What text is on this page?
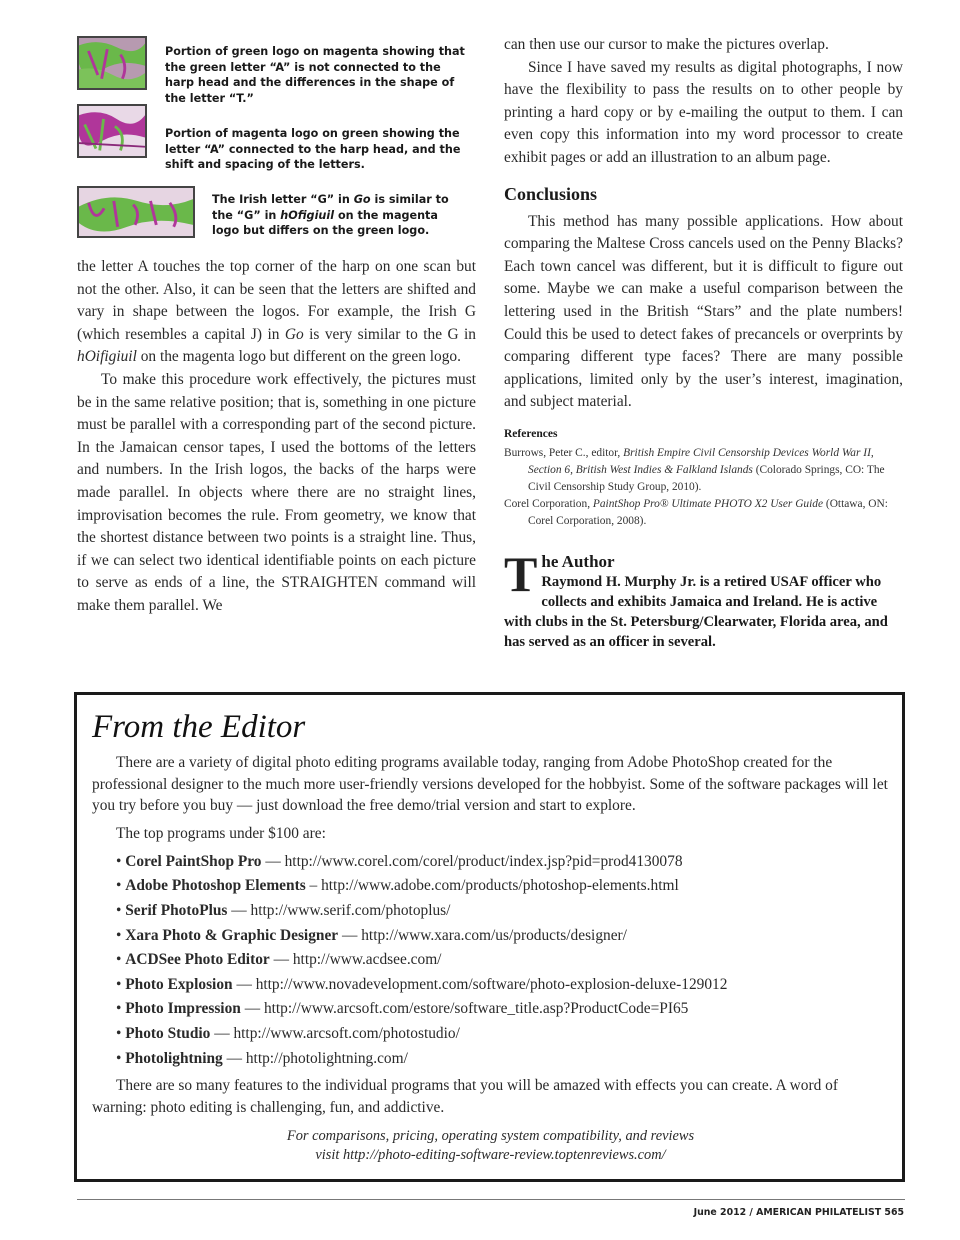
Portion of green logo on magenta showing that the green letter “A” is not connected to the harp head and the differences in the shape of the letter “T.”
Portion of magenta logo on green showing the letter “A” connected to the harp head, and the shift and spacing of the letters.
The Irish letter “G” in Go is similar to the “G” in hOfigiuil on the magenta logo but differs on the green logo.

the letter A touches the top corner of the harp on one scan but not the other. Also, it can be seen that the letters are shifted and vary in shape between the logos. For example, the Irish G (which resembles a capital J) in Go is very similar to the G in hOifigiuil on the magenta logo but different on the green logo.

To make this procedure work effectively, the pictures must be in the same relative position; that is, something in one picture must be parallel with a corresponding part of the second picture. In the Jamaican censor tapes, I used the bottoms of the letters and numbers. In the Irish logos, the backs of the harps were made parallel. In objects where there are no straight lines, improvisation becomes the rule. From geometry, we know that the shortest distance between two points is a straight line. Thus, if we can select two identical identifiable points on each picture to serve as ends of a line, the STRAIGHTEN command will make them parallel. We

can then use our cursor to make the pictures overlap.

Since I have saved my results as digital photographs, I now have the flexibility to pass the results on to other people by printing a hard copy or by e-mailing the output to them. I can even copy this information into my word processor to create exhibit pages or add an illustration to an album page.

Conclusions

This method has many possible applications. How about comparing the Maltese Cross cancels used on the Penny Blacks? Each town cancel was different, but it is difficult to figure out some. Maybe we can make a useful comparison between the lettering used in the British “Stars” and the plate numbers! Could this be used to detect fakes of precancels or overprints by comparing different type faces? There are many possible applications, limited only by the user’s interest, imagination, and subject material.

References
Burrows, Peter C., editor, British Empire Civil Censorship Devices World War II, Section 6, British West Indies & Falkland Islands (Colorado Springs, CO: The Civil Censorship Study Group, 2010).
Corel Corporation, PaintShop Pro® Ultimate PHOTO X2 User Guide (Ottawa, ON: Corel Corporation, 2008).
T he Author
Raymond H. Murphy Jr. is a retired USAF officer who collects and exhibits Jamaica and Ireland. He is active with clubs in the St. Petersburg/Clearwater, Florida area, and has served as an officer in several.
From the Editor

There are a variety of digital photo editing programs available today, ranging from Adobe PhotoShop created for the professional designer to the much more user-friendly versions developed for the hobbyist. Some of the software packages will let you try before you buy — just download the free demo/trial version and start to explore.

The top programs under $100 are:

• Corel PaintShop Pro — http://www.corel.com/corel/product/index.jsp?pid=prod4130078
• Adobe Photoshop Elements – http://www.adobe.com/products/photoshop-elements.html
• Serif PhotoPlus — http://www.serif.com/photoplus/
• Xara Photo & Graphic Designer — http://www.xara.com/us/products/designer/
• ACDSee Photo Editor — http://www.acdsee.com/
• Photo Explosion — http://www.novadevelopment.com/software/photo-explosion-deluxe-129012
• Photo Impression — http://www.arcsoft.com/estore/software_title.asp?ProductCode=PI65
• Photo Studio — http://www.arcsoft.com/photostudio/
• Photolightning — http://photolightning.com/

There are so many features to the individual programs that you will be amazed with effects you can create. A word of warning: photo editing is challenging, fun, and addictive.

For comparisons, pricing, operating system compatibility, and reviews
visit http://photo-editing-software-review.toptenreviews.com/
June 2012 / AMERICAN PHILATELIST 565
